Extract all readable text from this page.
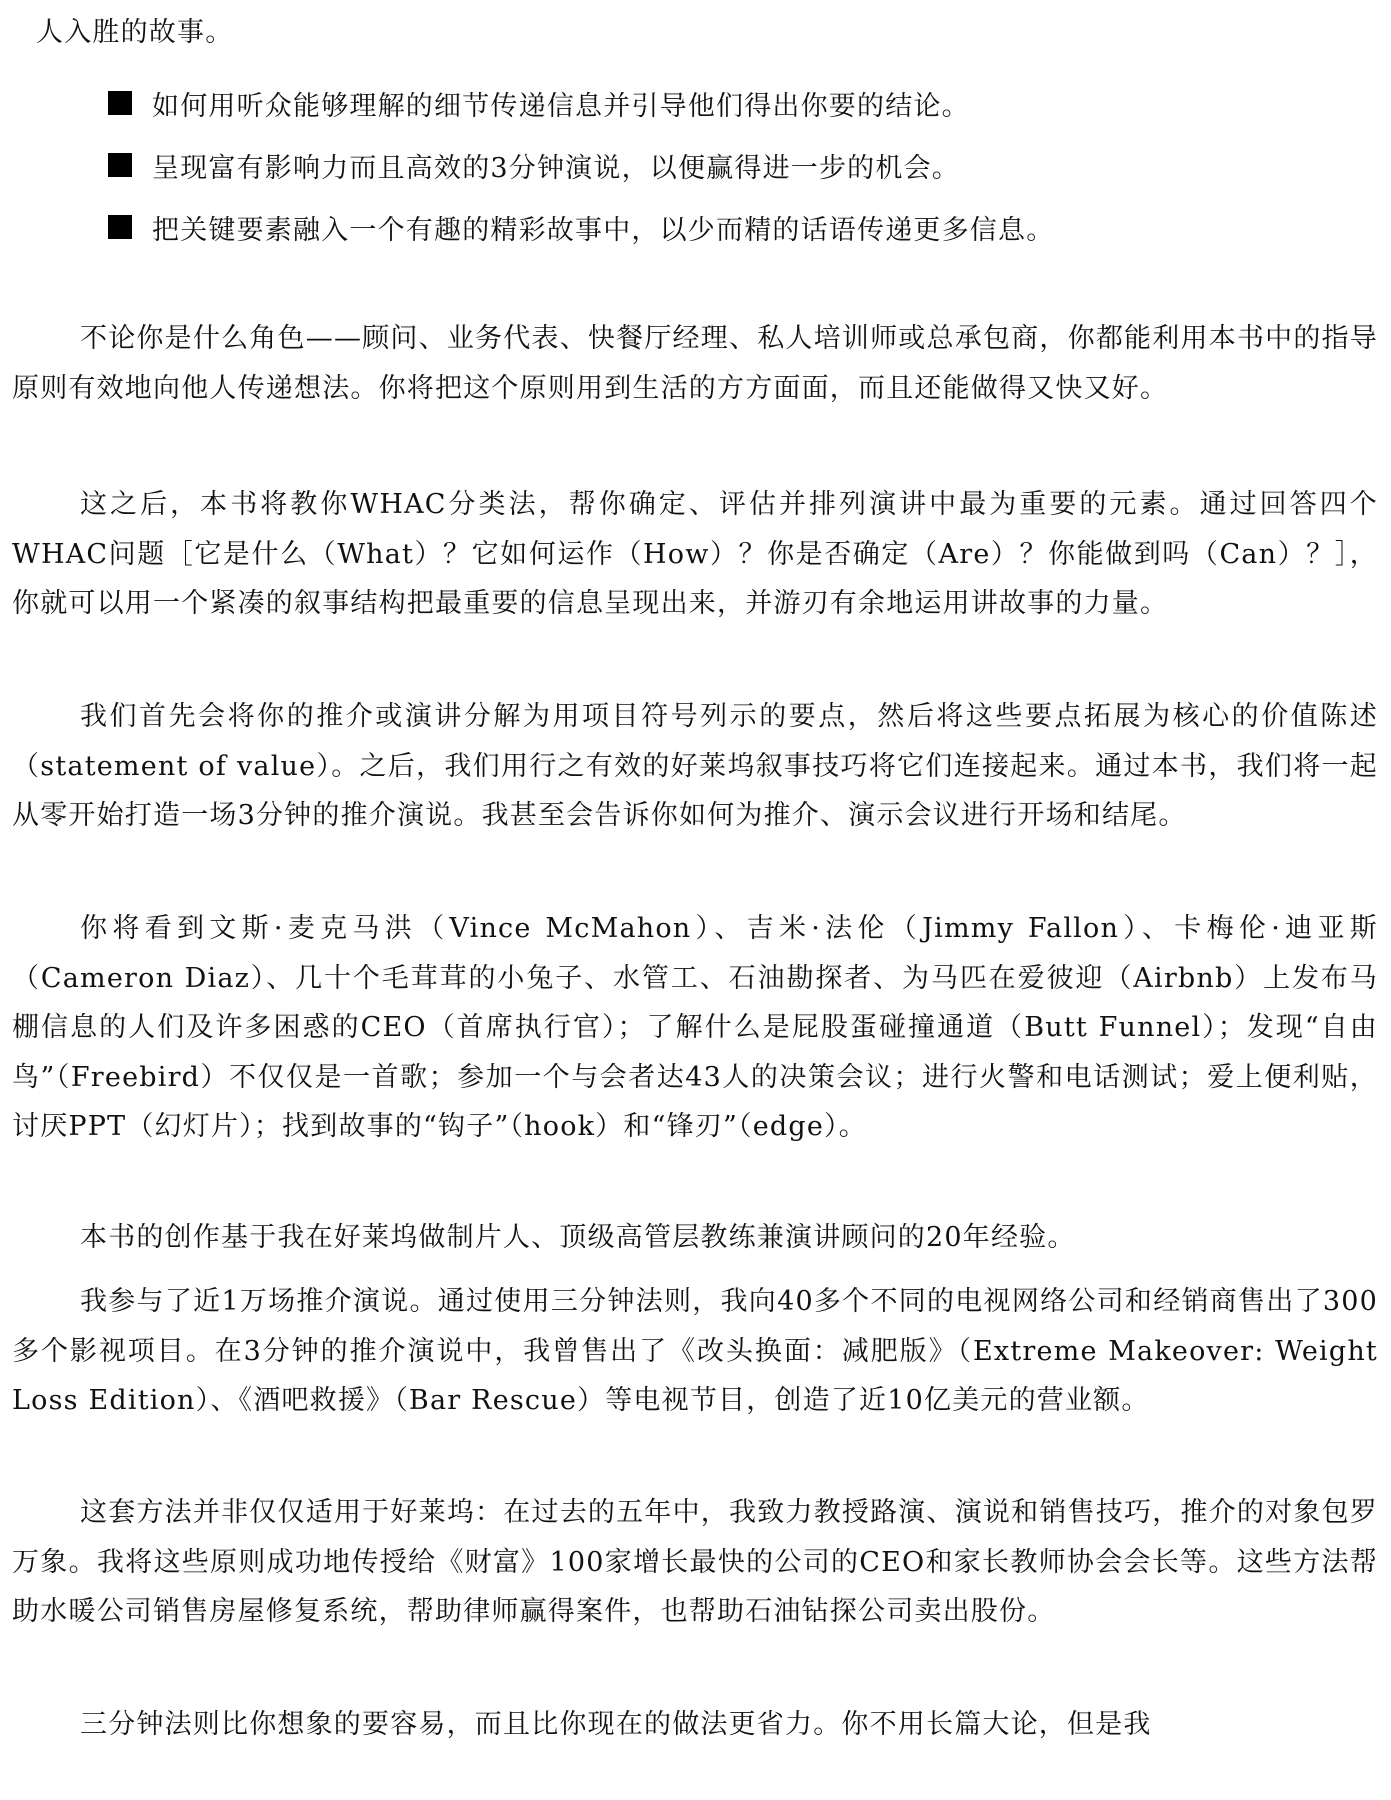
人入胜的故事。

如何用听众能够理解的细节传递信息并引导他们得出你要的结论。
呈现富有影响力而且高效的3分钟演说，以便赢得进一步的机会。
把关键要素融入一个有趣的精彩故事中，以少而精的话语传递更多信息。

不论你是什么角色——顾问、业务代表、快餐厅经理、私人培训师或总承包商，你都能利用本书中的指导原则有效地向他人传递想法。你将把这个原则用到生活的方方面面，而且还能做得又快又好。

这之后，本书将教你WHAC分类法，帮你确定、评估并排列演讲中最为重要的元素。通过回答四个WHAC问题［它是什么（What）？它如何运作（How）？你是否确定（Are）？你能做到吗（Can）？］，你就可以用一个紧凑的叙事结构把最重要的信息呈现出来，并游刃有余地运用讲故事的力量。

我们首先会将你的推介或演讲分解为用项目符号列示的要点，然后将这些要点拓展为核心的价值陈述（statement of value）。之后，我们用行之有效的好莱坞叙事技巧将它们连接起来。通过本书，我们将一起从零开始打造一场3分钟的推介演说。我甚至会告诉你如何为推介、演示会议进行开场和结尾。

你将看到文斯·麦克马洪（Vince McMahon）、吉米·法伦（Jimmy Fallon）、卡梅伦·迪亚斯（Cameron Diaz）、几十个毛茸茸的小兔子、水管工、石油勘探者、为马匹在爱彼迎（Airbnb）上发布马棚信息的人们及许多困惑的CEO（首席执行官）；了解什么是屁股蛋碰撞通道（Butt Funnel）；发现“自由鸟”（Freebird）不仅仅是一首歌；参加一个与会者达43人的决策会议；进行火警和电话测试；爱上便利贴，讨厌PPT（幻灯片）；找到故事的“钩子”（hook）和“锋刃”（edge）。

本书的创作基于我在好莱坞做制片人、顶级高管层教练兼演讲顾问的20年经验。

我参与了近1万场推介演说。通过使用三分钟法则，我向40多个不同的电视网络公司和经销商售出了300多个影视项目。在3分钟的推介演说中，我曾售出了《改头换面：减肥版》（Extreme Makeover: Weight Loss Edition）、《酒吧救援》（Bar Rescue）等电视节目，创造了近10亿美元的营业额。

这套方法并非仅仅适用于好莱坞：在过去的五年中，我致力教授路演、演说和销售技巧，推介的对象包罗万象。我将这些原则成功地传授给《财富》100家增长最快的公司的CEO和家长教师协会会长等。这些方法帮助水暖公司销售房屋修复系统，帮助律师赢得案件，也帮助石油钻探公司卖出股份。

三分钟法则比你想象的要容易，而且比你现在的做法更省力。你不用长篇大论，但是我
